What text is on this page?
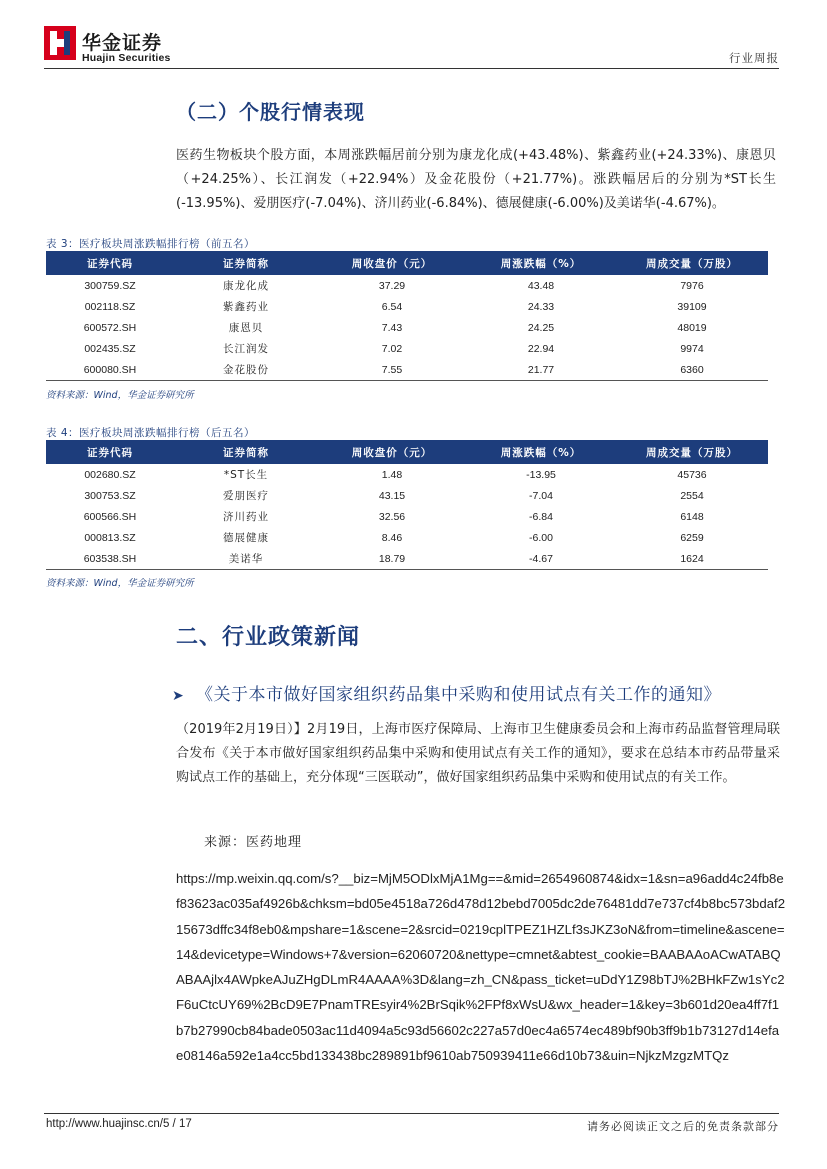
华金证券
Huajin Securities	行业周报
（二）个股行情表现
医药生物板块个股方面，本周涨跌幅居前分别为康龙化成(+43.48%)、紫鑫药业(+24.33%)、康恩贝（+24.25%）、长江润发（+22.94%）及金花股份（+21.77%)。涨跌幅居后的分别为*ST长生(-13.95%)、爱朋医疗(-7.04%)、济川药业(-6.84%)、德展健康(-6.00%)及美诺华(-4.67%)。
表 3：医疗板块周涨跌幅排行榜（前五名）
证券代码	证券简称	周收盘价（元）	周涨跌幅（%）	周成交量（万股）
300759.SZ	康龙化成	37.29	43.48	7976
002118.SZ	紫鑫药业	6.54	24.33	39109
600572.SH	康恩贝	7.43	24.25	48019
002435.SZ	长江润发	7.02	22.94	9974
600080.SH	金花股份	7.55	21.77	6360
资料来源：Wind，华金证券研究所
表 4：医疗板块周涨跌幅排行榜（后五名）
证券代码	证券简称	周收盘价（元）	周涨跌幅（%）	周成交量（万股）
002680.SZ	*ST长生	1.48	-13.95	45736
300753.SZ	爱朋医疗	43.15	-7.04	2554
600566.SH	济川药业	32.56	-6.84	6148
000813.SZ	德展健康	8.46	-6.00	6259
603538.SH	美诺华	18.79	-4.67	1624
资料来源：Wind，华金证券研究所
二、行业政策新闻
➤ 《关于本市做好国家组织药品集中采购和使用试点有关工作的通知》
（2019年2月19日）】2月19日，上海市医疗保障局、上海市卫生健康委员会和上海市药品监督管理局联合发布《关于本市做好国家组织药品集中采购和使用试点有关工作的通知》，要求在总结本市药品带量采购试点工作的基础上，充分体现“三医联动”，做好国家组织药品集中采购和使用试点的有关工作。
来源：医药地理
https://mp.weixin.qq.com/s?__biz=MjM5ODlxMjA1Mg==&mid=2654960874&idx=1&sn=a96add4c24fb8ef83623ac035af4926b&chksm=bd05e4518a726d478d12bebd7005dc2de76481dd7e737cf4b8bc573bdaf215673dffc34f8eb0&mpshare=1&scene=2&srcid=0219cplTPEZ1HZLf3sJKZ3oN&from=timeline&ascene=14&devicetype=Windows+7&version=62060720&nettype=cmnet&abtest_cookie=BAABAAoACwATABQABAAjlx4AWpkeAJuZHgDLmR4AAAA%3D&lang=zh_CN&pass_ticket=uDdY1Z98bTJ%2BHkFZw1sYc2F6uCtcUY69%2BcD9E7PnamTREsyir4%2BrSqik%2FPf8xWsU&wx_header=1&key=3b601d20ea4ff7f1b7b27990cb84bade0503ac11d4094a5c93d56602c227a57d0ec4a6574ec489bf90b3ff9b1b73127d14efae08146a592e1a4cc5bd133438bc289891bf9610ab750939411e66d10b73&uin=NjkzMzgzMTQz
http://www.huajinsc.cn/5 / 17	请务必阅读正文之后的免责条款部分
